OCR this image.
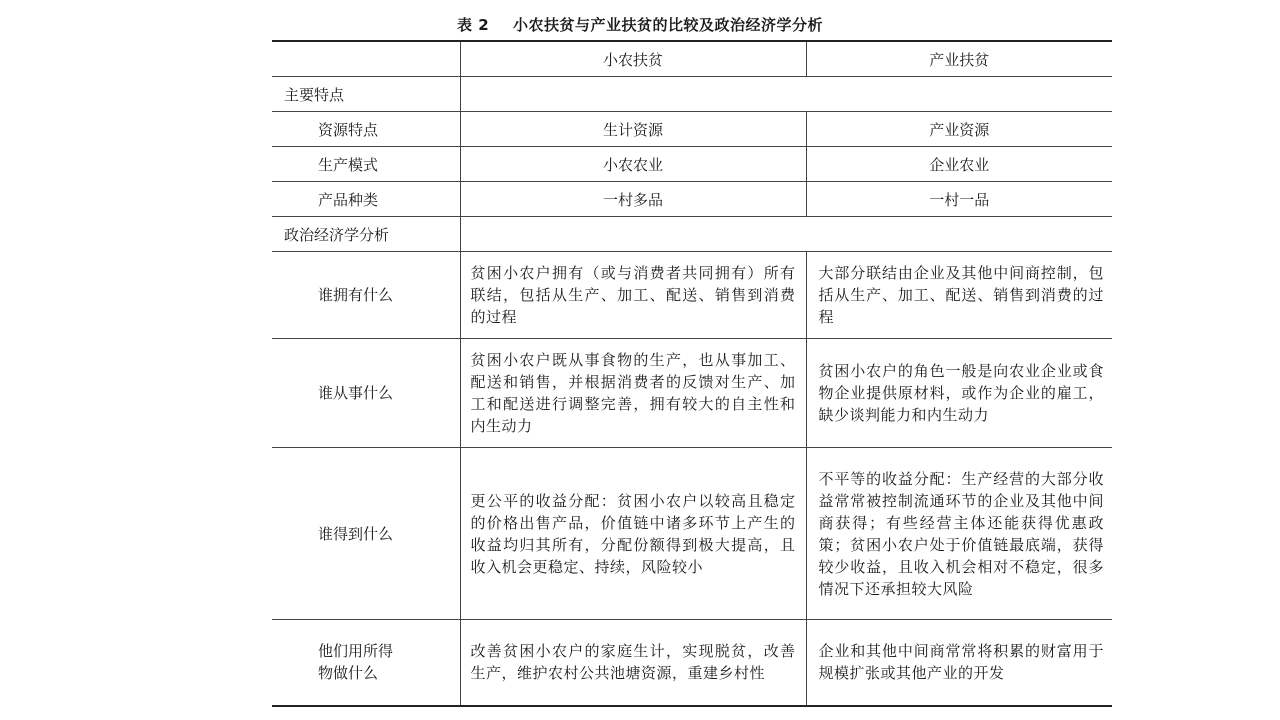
表 2 小农扶贫与产业扶贫的比较及政治经济学分析
	小农扶贫	产业扶贫
主要特点		
资源特点	生计资源	产业资源
生产模式	小农农业	企业农业
产品种类	一村多品	一村一品
政治经济学分析		
谁拥有什么	贫困小农户拥有（或与消费者共同拥有）所有联结，包括从生产、加工、配送、销售到消费的过程	大部分联结由企业及其他中间商控制，包括从生产、加工、配送、销售到消费的过程
谁从事什么	贫困小农户既从事食物的生产，也从事加工、配送和销售，并根据消费者的反馈对生产、加工和配送进行调整完善，拥有较大的自主性和内生动力	贫困小农户的角色一般是向农业企业或食物企业提供原材料，或作为企业的雇工，缺少谈判能力和内生动力
谁得到什么	更公平的收益分配：贫困小农户以较高且稳定的价格出售产品，价值链中诸多环节上产生的收益均归其所有，分配份额得到极大提高，且收入机会更稳定、持续，风险较小	不平等的收益分配：生产经营的大部分收益常常被控制流通环节的企业及其他中间商获得；有些经营主体还能获得优惠政策；贫困小农户处于价值链最底端，获得较少收益，且收入机会相对不稳定，很多情况下还承担较大风险
他们用所得物做什么	改善贫困小农户的家庭生计，实现脱贫，改善生产，维护农村公共池塘资源，重建乡村性	企业和其他中间商常常将积累的财富用于规模扩张或其他产业的开发
